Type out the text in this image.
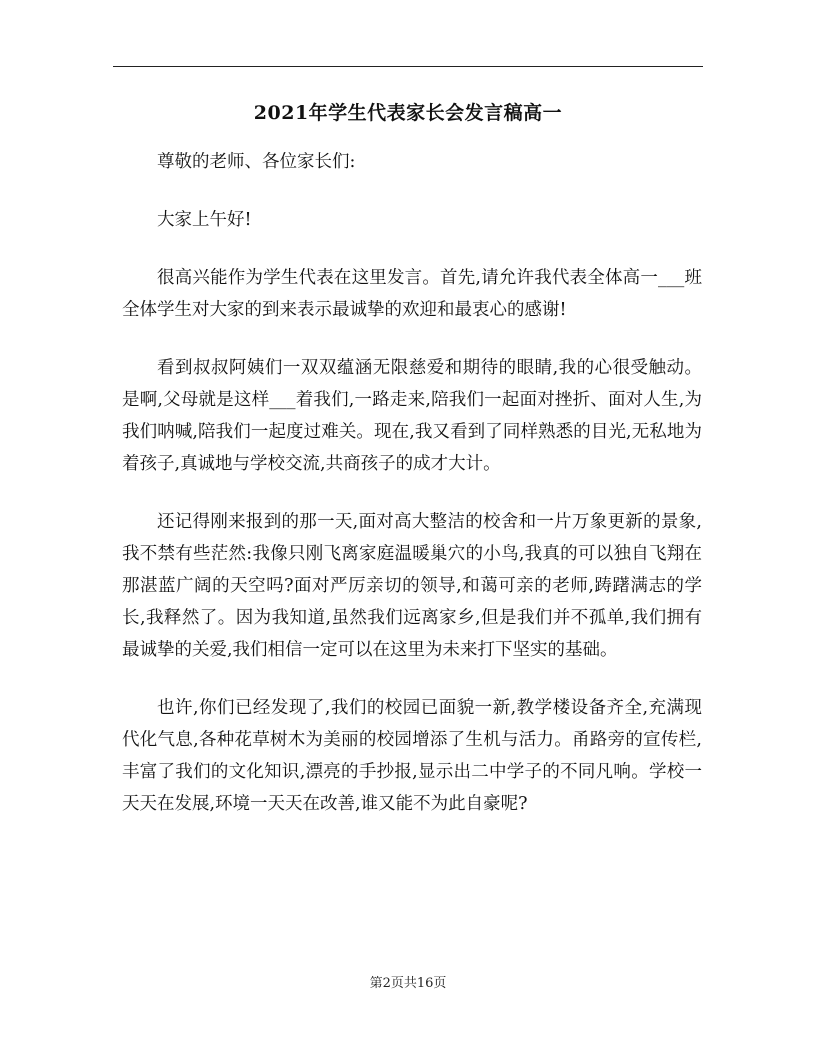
2021年学生代表家长会发言稿高一

尊敬的老师、各位家长们:

大家上午好!

很高兴能作为学生代表在这里发言。首先,请允许我代表全体高一___班全体学生对大家的到来表示最诚挚的欢迎和最衷心的感谢!

看到叔叔阿姨们一双双蕴涵无限慈爱和期待的眼睛,我的心很受触动。是啊,父母就是这样___着我们,一路走来,陪我们一起面对挫折、面对人生,为我们呐喊,陪我们一起度过难关。现在,我又看到了同样熟悉的目光,无私地为着孩子,真诚地与学校交流,共商孩子的成才大计。

还记得刚来报到的那一天,面对高大整洁的校舍和一片万象更新的景象,我不禁有些茫然:我像只刚飞离家庭温暖巢穴的小鸟,我真的可以独自飞翔在那湛蓝广阔的天空吗?面对严厉亲切的领导,和蔼可亲的老师,踌躇满志的学长,我释然了。因为我知道,虽然我们远离家乡,但是我们并不孤单,我们拥有最诚挚的关爱,我们相信一定可以在这里为未来打下坚实的基础。

也许,你们已经发现了,我们的校园已面貌一新,教学楼设备齐全,充满现代化气息,各种花草树木为美丽的校园增添了生机与活力。甬路旁的宣传栏,丰富了我们的文化知识,漂亮的手抄报,显示出二中学子的不同凡响。学校一天天在发展,环境一天天在改善,谁又能不为此自豪呢?

第2页共16页
